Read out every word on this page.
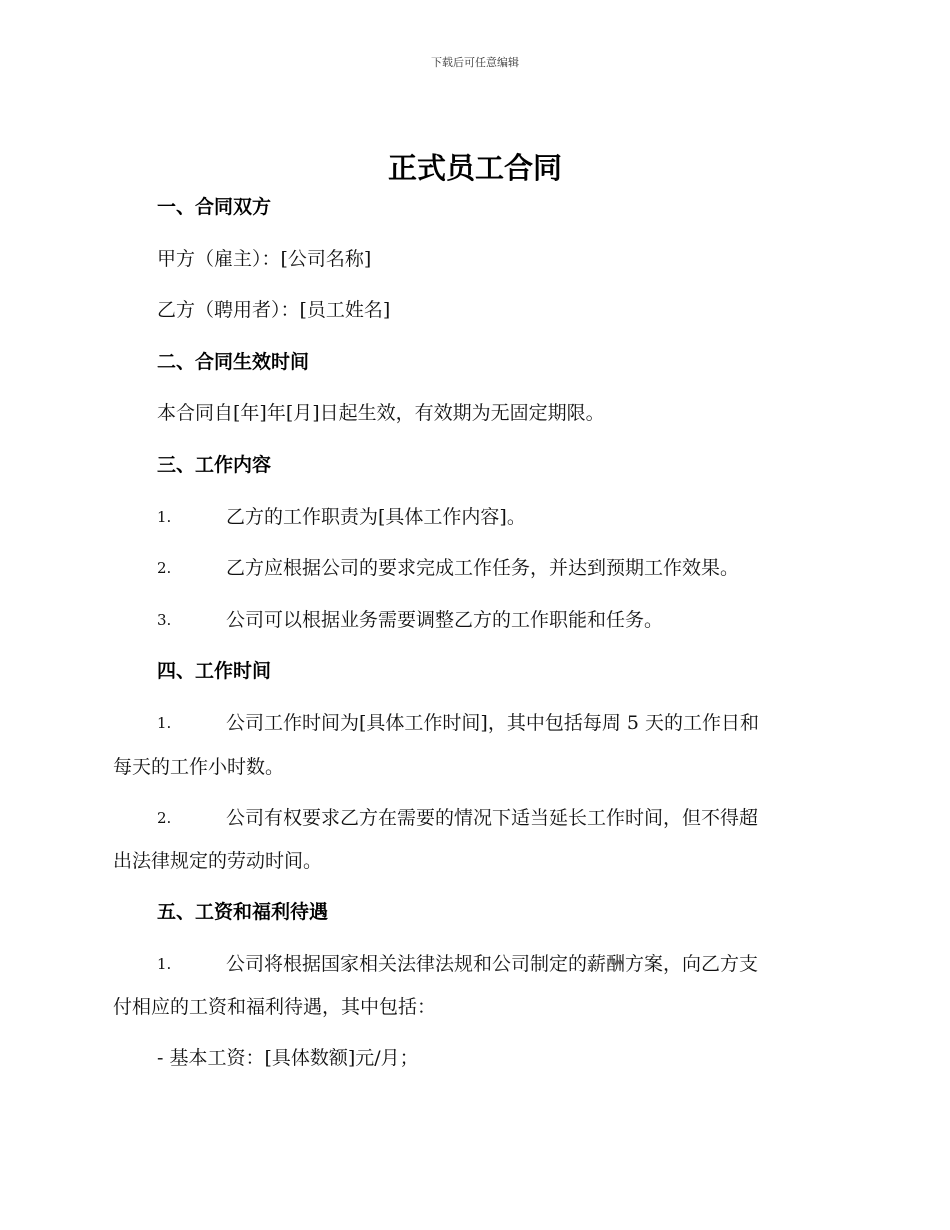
下载后可任意编辑
正式员工合同
一、合同双方
甲方（雇主）：[公司名称]
乙方（聘用者）：[员工姓名]
二、合同生效时间
本合同自[年]年[月]日起生效，有效期为无固定期限。
三、工作内容
1.	乙方的工作职责为[具体工作内容]。
2.	乙方应根据公司的要求完成工作任务，并达到预期工作效果。
3.	公司可以根据业务需要调整乙方的工作职能和任务。
四、工作时间
1.	公司工作时间为[具体工作时间]，其中包括每周 5 天的工作日和
每天的工作小时数。
2.	公司有权要求乙方在需要的情况下适当延长工作时间，但不得超
出法律规定的劳动时间。
五、工资和福利待遇
1.	公司将根据国家相关法律法规和公司制定的薪酬方案，向乙方支
付相应的工资和福利待遇，其中包括：
- 基本工资：[具体数额]元/月；
